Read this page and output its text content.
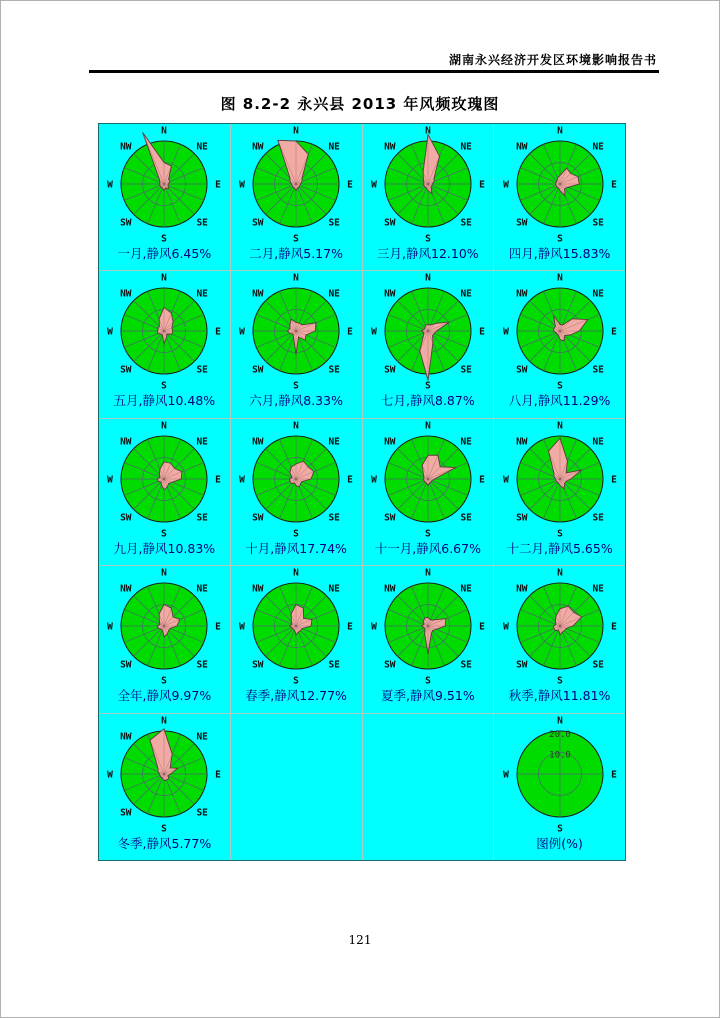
湖南永兴经济开发区环境影响报告书
图 8.2-2 永兴县 2013 年风频玫瑰图
N
NE
E
SE
S
SW
W
NW
一月,静风6.45%
N
NE
E
SE
S
SW
W
NW
二月,静风5.17%
N
NE
E
SE
S
SW
W
NW
三月,静风12.10%
N
NE
E
SE
S
SW
W
NW
四月,静风15.83%
N
NE
E
SE
S
SW
W
NW
五月,静风10.48%
N
NE
E
SE
S
SW
W
NW
六月,静风8.33%
N
NE
E
SE
S
SW
W
NW
七月,静风8.87%
N
NE
E
SE
S
SW
W
NW
八月,静风11.29%
N
NE
E
SE
S
SW
W
NW
九月,静风10.83%
N
NE
E
SE
S
SW
W
NW
十月,静风17.74%
N
NE
E
SE
S
SW
W
NW
十一月,静风6.67%
N
NE
E
SE
S
SW
W
NW
十二月,静风5.65%
N
NE
E
SE
S
SW
W
NW
全年,静风9.97%
N
NE
E
SE
S
SW
W
NW
春季,静风12.77%
N
NE
E
SE
S
SW
W
NW
夏季,静风9.51%
N
NE
E
SE
S
SW
W
NW
秋季,静风11.81%
N
NE
E
SE
S
SW
W
NW
冬季,静风5.77%
20.0
10.0
N
E
S
W
图例(%)
121
